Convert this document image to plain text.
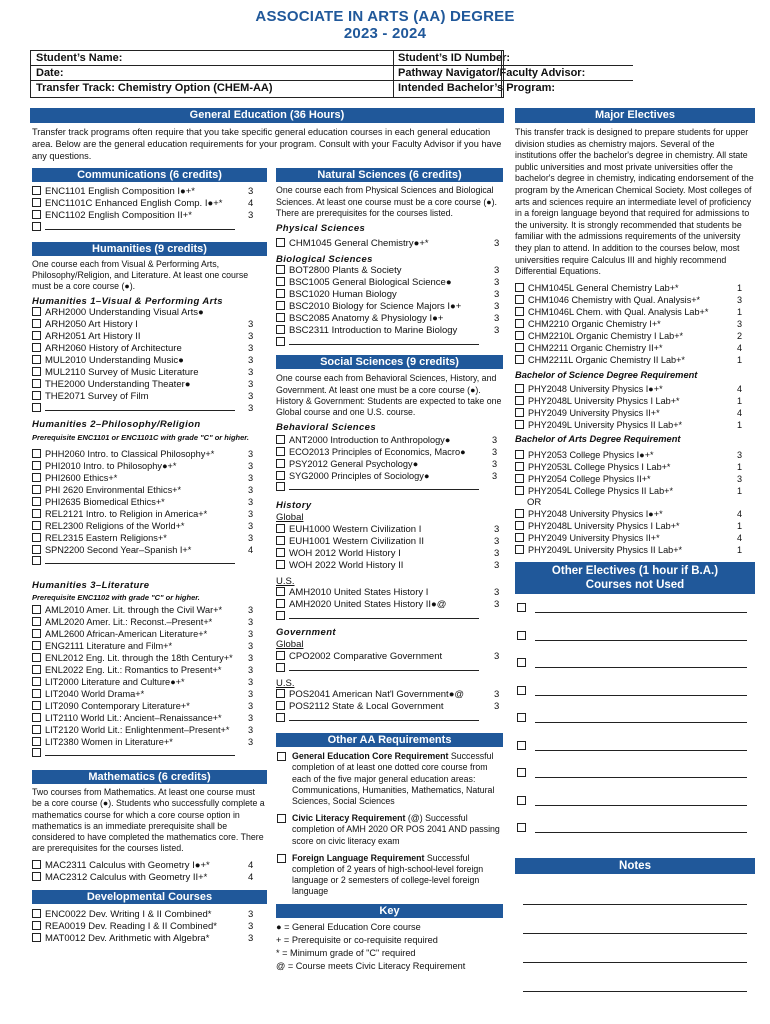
ASSOCIATE IN ARTS (AA) DEGREE
2023 - 2024
Student’s Name:
Date:
Transfer Track: Chemistry Option (CHEM-AA)
Student’s ID Number:
Pathway Navigator/Faculty Advisor:
Intended Bachelor’s Program:
General Education (36 Hours)
Transfer track programs often require that you take specific general education courses in each general education area. Below are the general education requirements for your program. Consult with your Faculty Advisor if you have any questions.
Communications (6 credits)
ENC1101 English Composition I●+*	3
ENC1101C Enhanced English Comp. I●+*	4
ENC1102 English Composition II+*	3
Humanities (9 credits)
One course each from Visual & Performing Arts, Philosophy/Religion, and Literature. At least one course must be a core course (●).
Humanities 1–Visual & Performing Arts
ARH2000 Understanding Visual Arts●
ARH2050 Art History I	3
ARH2051 Art History II	3
ARH2060 History of Architecture	3
MUL2010 Understanding Music●	3
MUL2110 Survey of Music Literature	3
THE2000 Understanding Theater●	3
THE2071 Survey of Film	3
3
Humanities 2–Philosophy/Religion
Prerequisite ENC1101 or ENC1101C with grade "C" or higher.
PHH2060 Intro. to Classical Philosophy+*	3
PHI2010 Intro. to Philosophy●+*	3
PHI2600 Ethics+*	3
PHI 2620 Environmental Ethics+*	3
PHI2635 Biomedical Ethics+*	3
REL2121 Intro. to Religion in America+*	3
REL2300 Religions of the World+*	3
REL2315 Eastern Religions+*	3
SPN2200 Second Year–Spanish I+*	4
Humanities 3–Literature
Prerequisite ENC1102 with grade "C" or higher.
AML2010 Amer. Lit. through the Civil War+*	3
AML2020 Amer. Lit.: Reconst.–Present+*	3
AML2600 African-American Literature+*	3
ENG2111 Literature and Film+*	3
ENL2012 Eng. Lit. through the 18th Century+* 3
ENL2022 Eng. Lit.: Romantics to Present+*	3
LIT2000 Literature and Culture●+*	3
LIT2040 World Drama+*	3
LIT2090 Contemporary Literature+*	3
LIT2110 World Lit.: Ancient–Renaissance+*	3
LIT2120 World Lit.: Enlightenment–Present+* 3
LIT2380 Women in Literature+*	3
Mathematics (6 credits)
Two courses from Mathematics. At least one course must be a core course (●). Students who successfully complete a mathematics course for which a core course option in mathematics is an immediate prerequisite shall be considered to have completed the mathematics core. There are prerequisites for the courses listed.
MAC2311 Calculus with Geometry I●+*	4
MAC2312 Calculus with Geometry II+*	4
Developmental Courses
ENC0022 Dev. Writing I & II Combined*	3
REA0019 Dev. Reading I & II Combined*	3
MAT0012 Dev. Arithmetic with Algebra*	3
Natural Sciences (6 credits)
One course each from Physical Sciences and Biological Sciences. At least one course must be a core course (●). There are prerequisites for the courses listed.
Physical Sciences
CHM1045 General Chemistry●+*	3
Biological Sciences
BOT2800 Plants & Society	3
BSC1005 General Biological Science●	3
BSC1020 Human Biology	3
BSC2010 Biology for Science Majors I●+	3
BSC2085 Anatomy & Physiology I●+	3
BSC2311 Introduction to Marine Biology	3
Social Sciences (9 credits)
One course each from Behavioral Sciences, History, and Government. At least one must be a core course (●). History & Government: Students are expected to take one Global course and one U.S. course.
Behavioral Sciences
ANT2000 Introduction to Anthropology●	3
ECO2013 Principles of Economics, Macro●	3
PSY2012 General Psychology●	3
SYG2000 Principles of Sociology●	3
History
Global
EUH1000 Western Civilization I	3
EUH1001 Western Civilization II	3
WOH 2012 World History I	3
WOH 2022 World History II	3
U.S.
AMH2010 United States History I	3
AMH2020 United States History II●@	3
Government
Global
CPO2002 Comparative Government	3
U.S.
POS2041 American Nat'l Government●@	3
POS2112 State & Local Government	3
Other AA Requirements
General Education Core Requirement Successful completion of at least one dotted core course from each of the five major general education areas: Communications, Humanities, Mathematics, Natural Sciences, Social Sciences
Civic Literacy Requirement (@) Successful completion of AMH 2020 OR POS 2041 AND passing score on civic literacy exam
Foreign Language Requirement Successful completion of 2 years of high-school-level foreign language or 2 semesters of college-level foreign language
Key
● = General Education Core course
+ = Prerequisite or co-requisite required
* = Minimum grade of "C" required
@ = Course meets Civic Literacy Requirement
Major Electives
This transfer track is designed to prepare students for upper division studies as chemistry majors. Several of the institutions offer the bachelor's degree in chemistry. All state public universities and most private universities offer the bachelor's degree in chemistry, indicating endorsement of the program by the American Chemical Society. Most colleges of arts and sciences require an intermediate level of proficiency in a foreign language beyond that required for admissions to the university. It is strongly recommended that students be familiar with the admissions requirements of the university they plan to attend. In addition to the courses below, most universities require Calculus III and highly recommend Differential Equations.
CHM1045L General Chemistry Lab+*	1
CHM1046 Chemistry with Qual. Analysis+*	3
CHM1046L Chem. with Qual. Analysis Lab+*	1
CHM2210 Organic Chemistry I+*	3
CHM2210L Organic Chemistry I Lab+*	2
CHM2211 Organic Chemistry II+*	4
CHM2211L Organic Chemistry II Lab+*	1
Bachelor of Science Degree Requirement
PHY2048 University Physics I●+*	4
PHY2048L University Physics I Lab+*	1
PHY2049 University Physics II+*	4
PHY2049L University Physics II Lab+*	1
Bachelor of Arts Degree Requirement
PHY2053 College Physics I●+*	3
PHY2053L College Physics I Lab+*	1
PHY2054 College Physics II+*	3
PHY2054L College Physics II Lab+*	1
OR
PHY2048 University Physics I●+*	4
PHY2048L University Physics I Lab+*	1
PHY2049 University Physics II+*	4
PHY2049L University Physics II Lab+*	1
Other Electives (1 hour if B.A.)
Courses not Used
Notes
